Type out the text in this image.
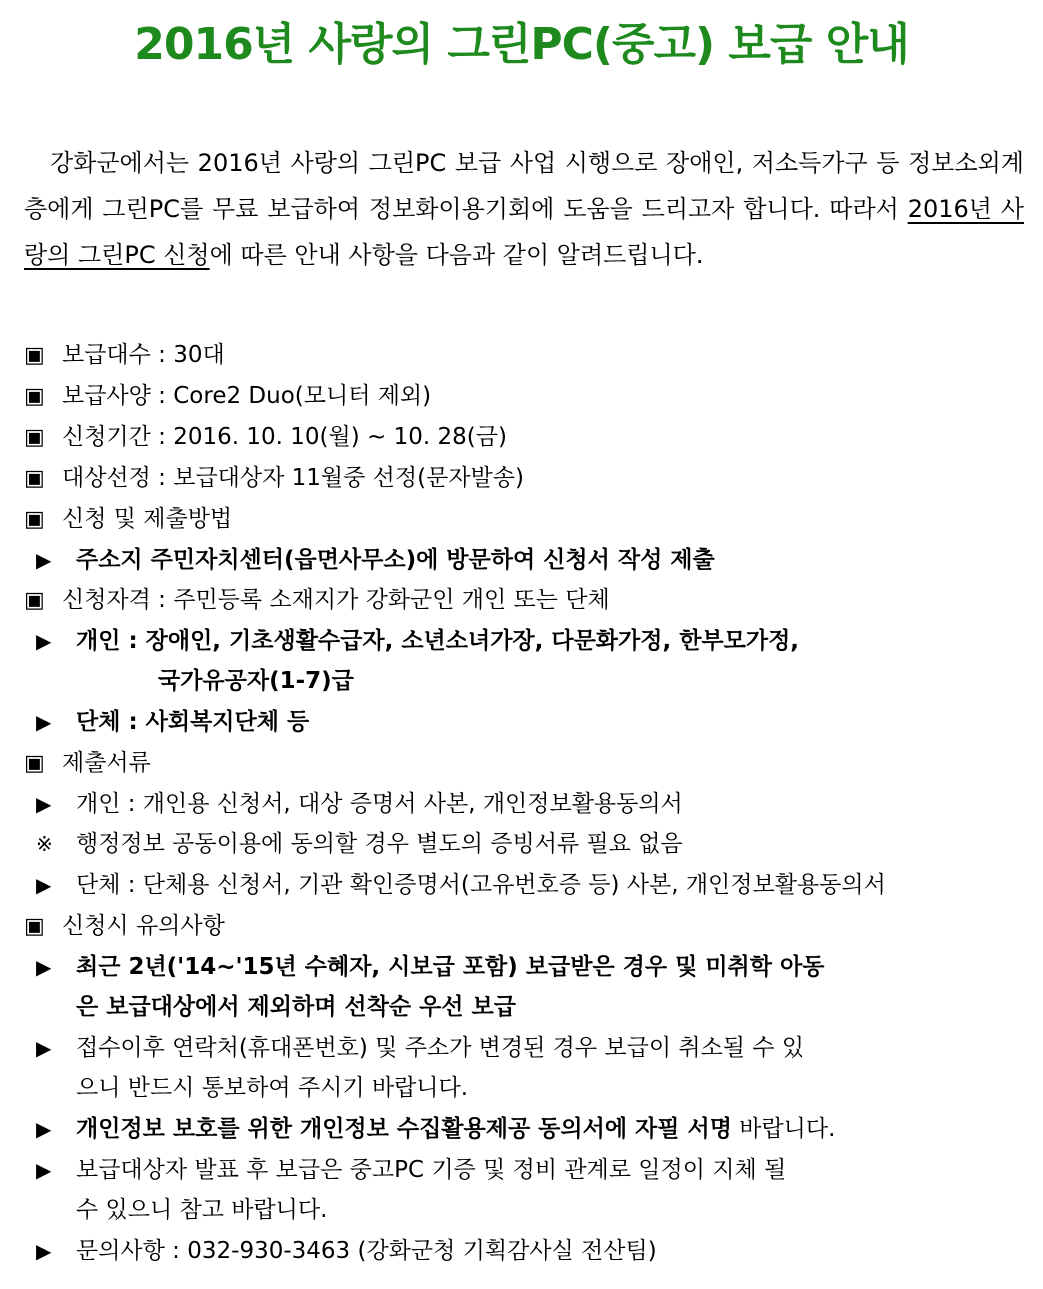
2016년 사랑의 그린PC(중고) 보급 안내
강화군에서는 2016년 사랑의 그린PC 보급 사업 시행으로 장애인, 저소득가구 등 정보소외계층에게 그린PC를 무료 보급하여 정보화이용기회에 도움을 드리고자 합니다. 따라서 2016년 사랑의 그린PC 신청에 따른 안내 사항을 다음과 같이 알려드립니다.
▣ 보급대수 : 30대
▣ 보급사양 : Core2 Duo(모니터 제외)
▣ 신청기간 : 2016. 10. 10(월) ~ 10. 28(금)
▣ 대상선정 : 보급대상자 11월중 선정(문자발송)
▣ 신청 및 제출방법
▶ 주소지 주민자치센터(읍면사무소)에 방문하여 신청서 작성 제출
▣ 신청자격 : 주민등록 소재지가 강화군인 개인 또는 단체
▶ 개인 : 장애인, 기초생활수급자, 소년소녀가장, 다문화가정, 한부모가정,
국가유공자(1-7)급
▶ 단체 : 사회복지단체 등
▣ 제출서류
▶ 개인 : 개인용 신청서, 대상 증명서 사본, 개인정보활용동의서
※ 행정정보 공동이용에 동의할 경우 별도의 증빙서류 필요 없음
▶ 단체 : 단체용 신청서, 기관 확인증명서(고유번호증 등) 사본, 개인정보활용동의서
▣ 신청시 유의사항
▶ 최근 2년('14~'15년 수혜자, 시보급 포함) 보급받은 경우 및 미취학 아동
은 보급대상에서 제외하며 선착순 우선 보급
▶ 접수이후 연락처(휴대폰번호) 및 주소가 변경된 경우 보급이 취소될 수 있
으니 반드시 통보하여 주시기 바랍니다.
▶ 개인정보 보호를 위한 개인정보 수집활용제공 동의서에 자필 서명 바랍니다.
▶ 보급대상자 발표 후 보급은 중고PC 기증 및 정비 관계로 일정이 지체 될
수 있으니 참고 바랍니다.
▶ 문의사항 : 032-930-3463 (강화군청 기획감사실 전산팀)
